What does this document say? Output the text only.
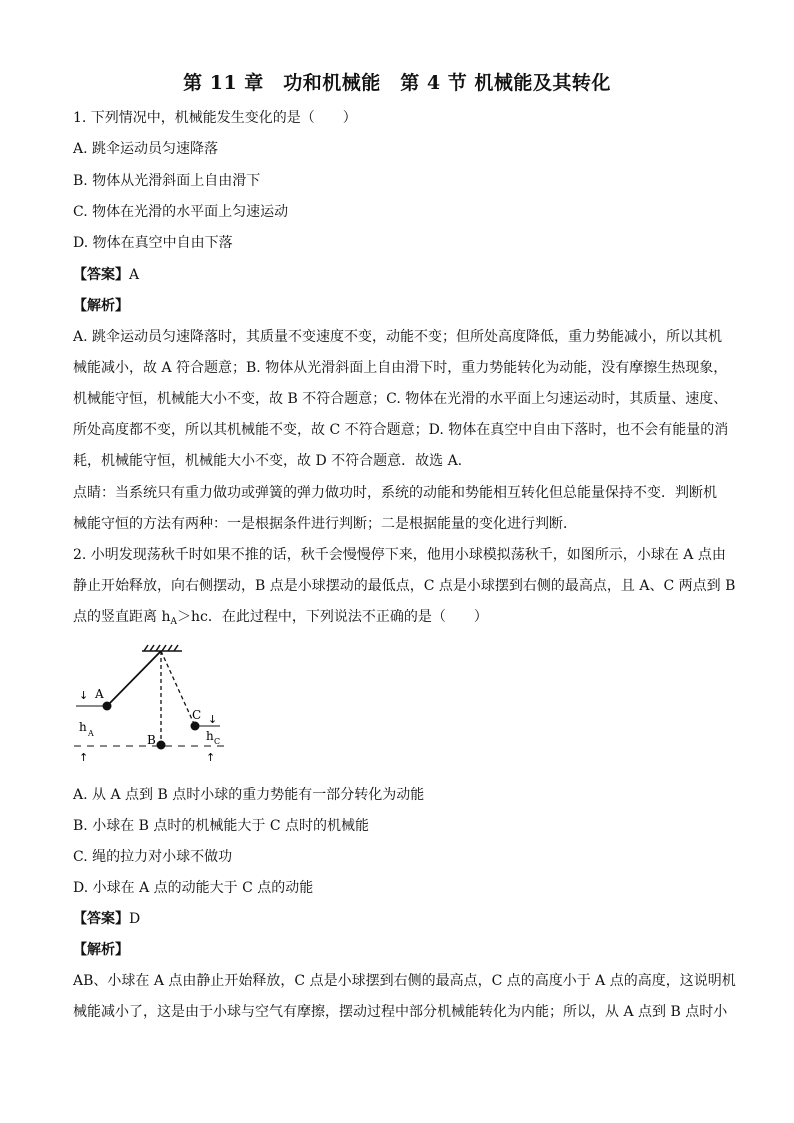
第 11 章　功和机械能　第 4 节 机械能及其转化
1. 下列情况中，机械能发生变化的是（　　）
A. 跳伞运动员匀速降落
B. 物体从光滑斜面上自由滑下
C. 物体在光滑的水平面上匀速运动
D. 物体在真空中自由下落
【答案】A
【解析】
A. 跳伞运动员匀速降落时，其质量不变速度不变，动能不变；但所处高度降低，重力势能减小，所以其机
械能减小，故 A 符合题意；B. 物体从光滑斜面上自由滑下时，重力势能转化为动能，没有摩擦生热现象，
机械能守恒，机械能大小不变，故 B 不符合题意；C. 物体在光滑的水平面上匀速运动时，其质量、速度、
所处高度都不变，所以其机械能不变，故 C 不符合题意；D. 物体在真空中自由下落时，也不会有能量的消
耗，机械能守恒，机械能大小不变，故 D 不符合题意．故选 A.
点睛：当系统只有重力做功或弹簧的弹力做功时，系统的动能和势能相互转化但总能量保持不变．判断机
械能守恒的方法有两种：一是根据条件进行判断；二是根据能量的变化进行判断．
2. 小明发现荡秋千时如果不推的话，秋千会慢慢停下来，他用小球模拟荡秋千，如图所示，小球在 A 点由
静止开始释放，向右侧摆动，B 点是小球摆动的最低点，C 点是小球摆到右侧的最高点，且 A、C 两点到 B
点的竖直距离 $h_A>hc$．在此过程中，下列说法不正确的是（　　）
A
B
C
↓
↓
h A	h C
↑	↑
A. 从 A 点到 B 点时小球的重力势能有一部分转化为动能
B. 小球在 B 点时的机械能大于 C 点时的机械能
C. 绳的拉力对小球不做功
D. 小球在 A 点的动能大于 C 点的动能
【答案】D
【解析】
AB、小球在 A 点由静止开始释放，C 点是小球摆到右侧的最高点，C 点的高度小于 A 点的高度，这说明机
械能减小了，这是由于小球与空气有摩擦，摆动过程中部分机械能转化为内能；所以，从 A 点到 B 点时小
